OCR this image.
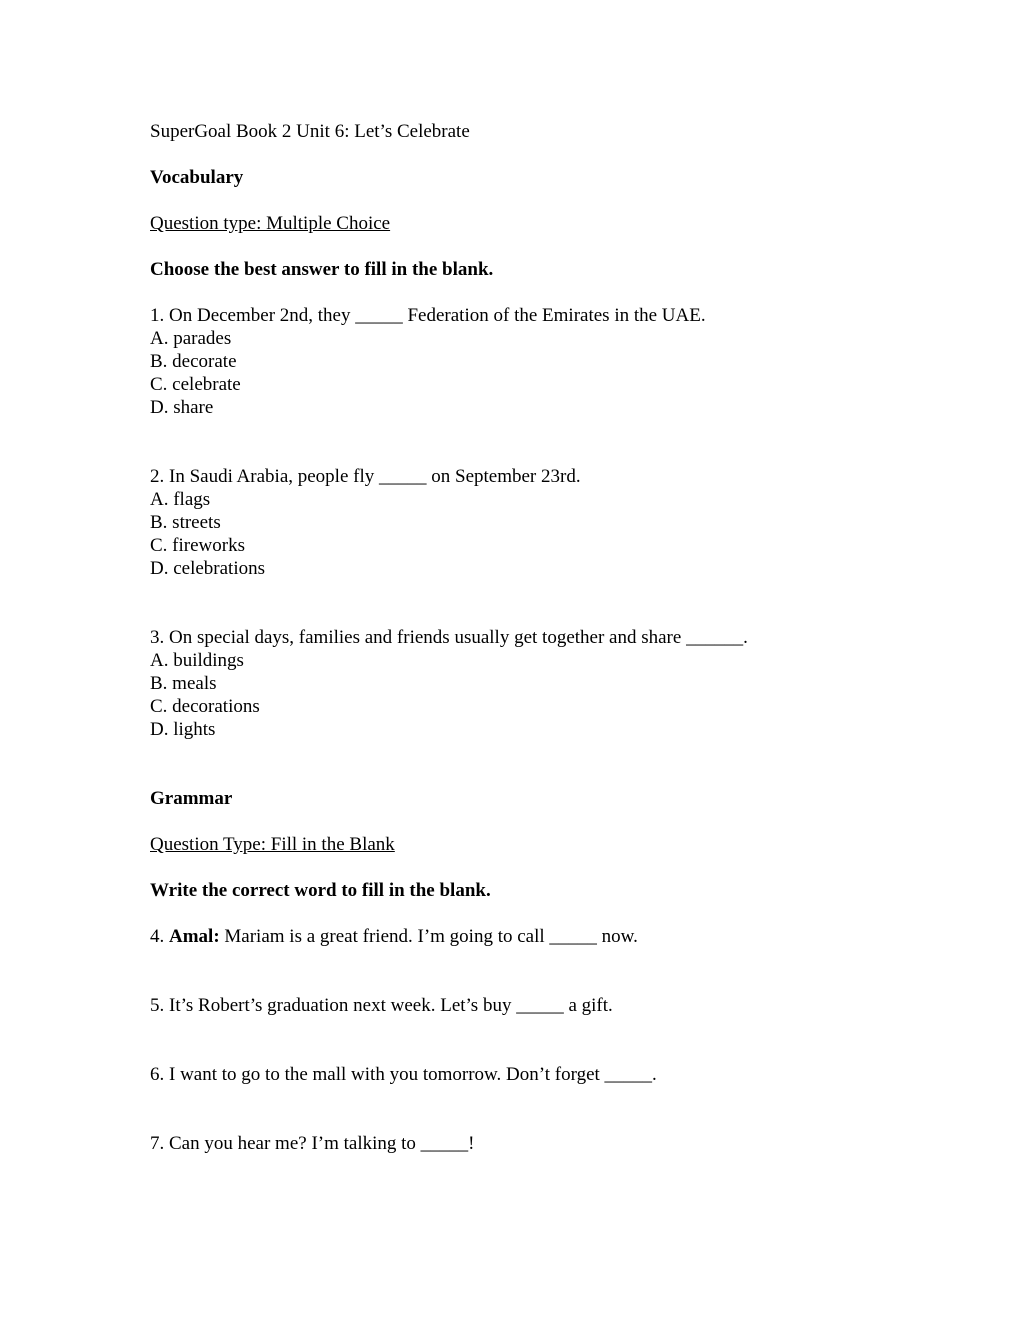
SuperGoal Book 2 Unit 6: Let’s Celebrate

Vocabulary

Question type: Multiple Choice

Choose the best answer to fill in the blank.

1. On December 2nd, they _____ Federation of the Emirates in the UAE.
A. parades
B. decorate
C. celebrate
D. share
2. In Saudi Arabia, people fly _____ on September 23rd.
A. flags
B. streets
C. fireworks
D. celebrations
3. On special days, families and friends usually get together and share ______.
A. buildings
B. meals
C. decorations
D. lights

Grammar

Question Type: Fill in the Blank

Write the correct word to fill in the blank.

4. Amal: Mariam is a great friend. I’m going to call _____ now.
5. It’s Robert’s graduation next week. Let’s buy _____ a gift.
6. I want to go to the mall with you tomorrow. Don’t forget _____.
7. Can you hear me? I’m talking to _____!
